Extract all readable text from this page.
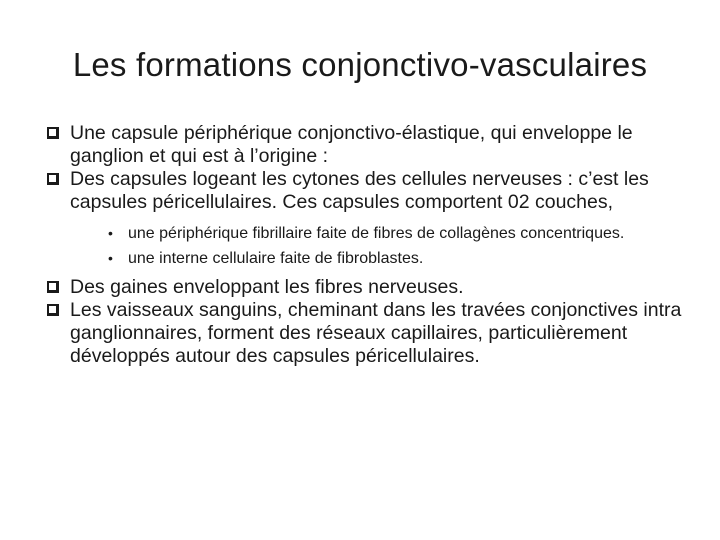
Les formations conjonctivo-vasculaires
Une capsule périphérique conjonctivo-élastique, qui enveloppe le ganglion et qui est à l’origine :
Des capsules logeant les cytones des cellules nerveuses : c’est les capsules péricellulaires. Ces capsules comportent 02 couches,
• une périphérique fibrillaire faite de fibres de collagènes concentriques.
• une interne cellulaire faite de fibroblastes.
Des gaines enveloppant les fibres nerveuses.
Les vaisseaux sanguins, cheminant dans les travées conjonctives intra ganglionnaires, forment des réseaux capillaires, particulièrement développés autour des capsules péricellulaires.
